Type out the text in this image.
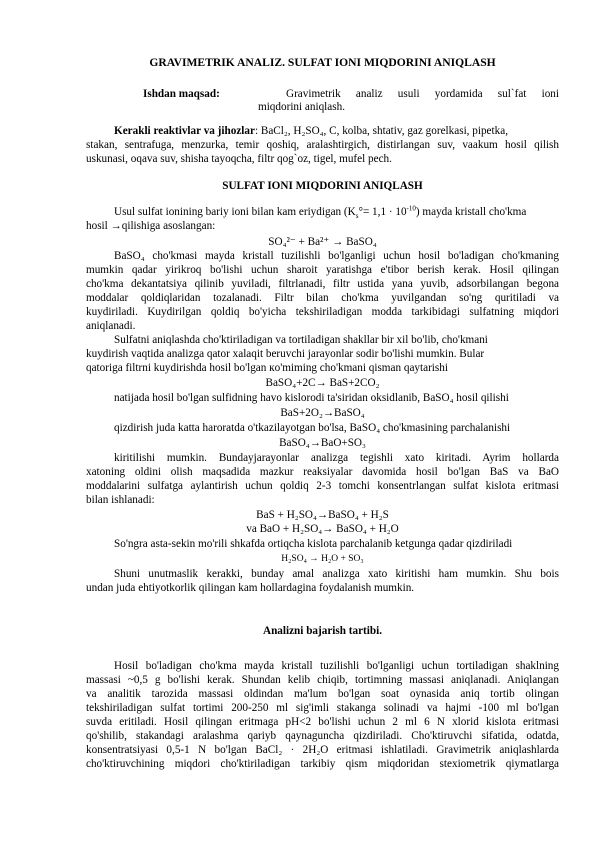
GRAVIMETRIK ANALIZ. SULFAT IONI MIQDORINI ANIQLASH

Ishdan maqsad:	Gravimetrik analiz usuli yordamida sul`fat ioni

miqdorini aniqlash.

Kerakli reaktivlar va jihozlar: BaCl₂, H₂SO₄, C, kolba, shtativ, gaz gorelkasi, pipetka,

stakan, sentrafuga, menzurka, temir qoshiq, aralashtirgich, distirlangan suv, vaakum hosil qilish

uskunasi, oqava suv, shisha tayoqcha, filtr qog`oz, tigel, mufel pech.

SULFAT IONI MIQDORINI ANIQLASH

Usul sulfat ionining bariy ioni bilan kam eriydigan $(K_s^\circ= 1,1 \cdot 10^{-10})$ mayda kristall cho'kma

hosil →qilishiga asoslangan:

SO₄²⁻ + Ba²⁺ → BaSO₄

BaSO₄ cho'kmasi mayda kristall tuzilishli bo'lganligi uchun hosil bo'ladigan cho'kmaning

mumkin qadar yirikroq bo'lishi uchun sharoit yaratishga e'tibor berish kerak. Hosil qilingan

cho'kma dekantatsiya qilinib yuviladi, filtrlanadi, filtr ustida yana yuvib, adsorbilangan begona

moddalar qoldiqlaridan tozalanadi. Filtr bilan cho'kma yuvilgandan so'ng quritiladi va

kuydiriladi. Kuydirilgan qoldiq bo'yicha tekshiriladigan modda tarkibidagi sulfatning miqdori

aniqlanadi.

Sulfatni aniqlashda cho'ktiriladigan va tortiladigan shakllar bir xil bo'lib, cho'kmani

kuydirish vaqtida analizga qator xalaqit beruvchi jarayonlar sodir bo'lishi mumkin. Bular

qatoriga filtrni kuydirishda hosil bo'lgan кo'miming cho'kmani qisman qaytarishi

BaSO₄+2C→ BaS+2CO₂

natijada hosil bo'lgan sulfidning havo kislorodi ta'siridan oksidlanib, BaSO₄ hosil qilishi

BaS+2O₂→BaSO₄

qizdirish juda katta haroratda o'tkazilayotgan bo'lsa, BaSO₄ cho'kmasining parchalanishi

BaSO₄→BaO+SO₃

kiritilishi mumkin. Bundayjarayonlar analizga tegishli xato kiritadi. Ayrim hollarda

xatoning oldini olish maqsadida mazkur reaksiyalar davomida hosil bo'lgan BaS va BaO

moddalarini sulfatga aylantirish uchun qoldiq 2-3 tomchi konsentrlangan sulfat kislota eritmasi

bilan ishlanadi:

BaS + H₂SO₄→BaSO₄ + H₂S

va BaO + H₂SO₄→ BaSO₄ + H₂O

So'ngra asta-sekin mo'rili shkafda ortiqcha kislota parchalanib ketgunga qadar qizdiriladi

H₂SO₄ → H₂O + SO₃

Shuni unutmaslik kerakki, bunday amal analizga xato kiritishi ham mumkin. Shu bois

undan juda ehtiyotkorlik qilingan kam hollardagina foydalanish mumkin.

Analizni bajarish tartibi.

Hosil bo'ladigan cho'kma mayda kristall tuzilishli bo'lganligi uchun tortiladigan shaklning

massasi ~0,5 g bo'lishi kerak. Shundan kelib chiqib, tortimning massasi aniqlanadi. Aniqlangan

va analitik tarozida massasi oldindan ma'lum bo'lgan soat oynasida aniq tortib olingan

tekshiriladigan sulfat tortimi 200-250 ml sig'imli stakanga solinadi va hajmi -100 ml bo'lgan

suvda eritiladi. Hosil qilingan eritmaga pH<2 bo'lishi uchun 2 ml 6 N xlorid kislota eritmasi

qo'shilib, stakandagi aralashma qariyb qaynaguncha qizdiriladi. Cho'ktiruvchi sifatida, odatda,

konsentratsiyasi 0,5-1 N bo'lgan BaCl₂ · 2H₂O eritmasi ishlatiladi. Gravimetrik aniqlashlarda

cho'ktiruvchining miqdori cho'ktiriladigan tarkibiy qism miqdoridan stexiometrik qiymatlarga
